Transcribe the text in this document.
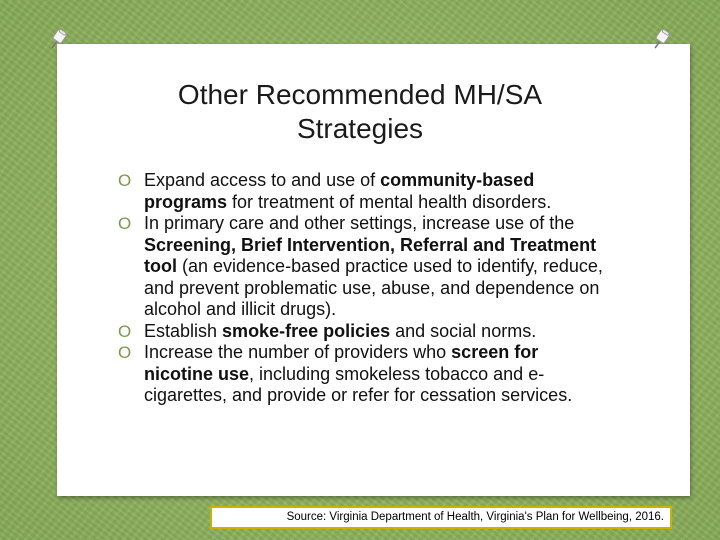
Other Recommended MH/SA
Strategies
O Expand access to and use of community-based programs for treatment of mental health disorders.
O In primary care and other settings, increase use of the Screening, Brief Intervention, Referral and Treatment tool (an evidence-based practice used to identify, reduce, and prevent problematic use, abuse, and dependence on alcohol and illicit drugs).
O Establish smoke-free policies and social norms.
O Increase the number of providers who screen for nicotine use, including smokeless tobacco and e-cigarettes, and provide or refer for cessation services.
Source: Virginia Department of Health, Virginia's Plan for Wellbeing, 2016.
